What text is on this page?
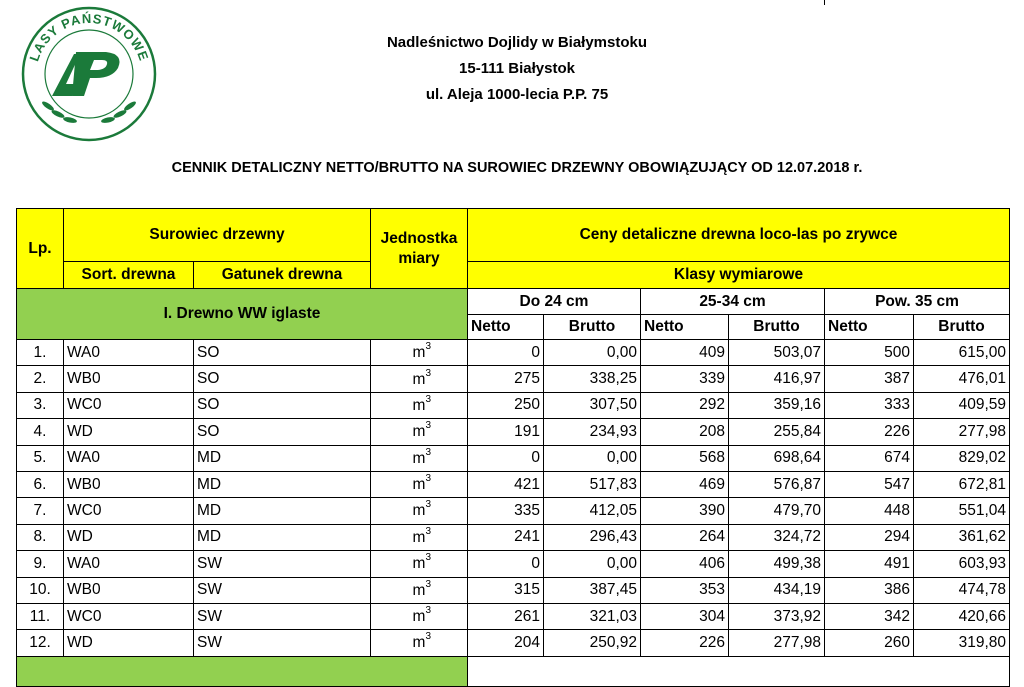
LASY PAŃSTWOWE
Nadleśnictwo Dojlidy w Białymstoku
15-111 Białystok
ul. Aleja 1000-lecia P.P. 75
CENNIK DETALICZNY NETTO/BRUTTO NA SUROWIEC DRZEWNY OBOWIĄZUJĄCY OD 12.07.2018 r.
Lp.	Surowiec drzewny		Jednostka miary	Ceny detaliczne drewna loco-las po zrywce					
	Sort. drewna	Gatunek drewna		Klasy wymiarowe					
I. Drewno WW iglaste				Do 24 cm		25-34 cm		Pow. 35 cm	
				Netto	Brutto	Netto	Brutto	Netto	Brutto
1.	WA0	SO	$m^3$	0	0,00	409	503,07	500	615,00
2.	WB0	SO	$m^3$	275	338,25	339	416,97	387	476,01
3.	WC0	SO	$m^3$	250	307,50	292	359,16	333	409,59
4.	WD	SO	$m^3$	191	234,93	208	255,84	226	277,98
5.	WA0	MD	$m^3$	0	0,00	568	698,64	674	829,02
6.	WB0	MD	$m^3$	421	517,83	469	576,87	547	672,81
7.	WC0	MD	$m^3$	335	412,05	390	479,70	448	551,04
8.	WD	MD	$m^3$	241	296,43	264	324,72	294	361,62
9.	WA0	SW	$m^3$	0	0,00	406	499,38	491	603,93
10.	WB0	SW	$m^3$	315	387,45	353	434,19	386	474,78
11.	WC0	SW	$m^3$	261	321,03	304	373,92	342	420,66
12.	WD	SW	$m^3$	204	250,92	226	277,98	260	319,80
